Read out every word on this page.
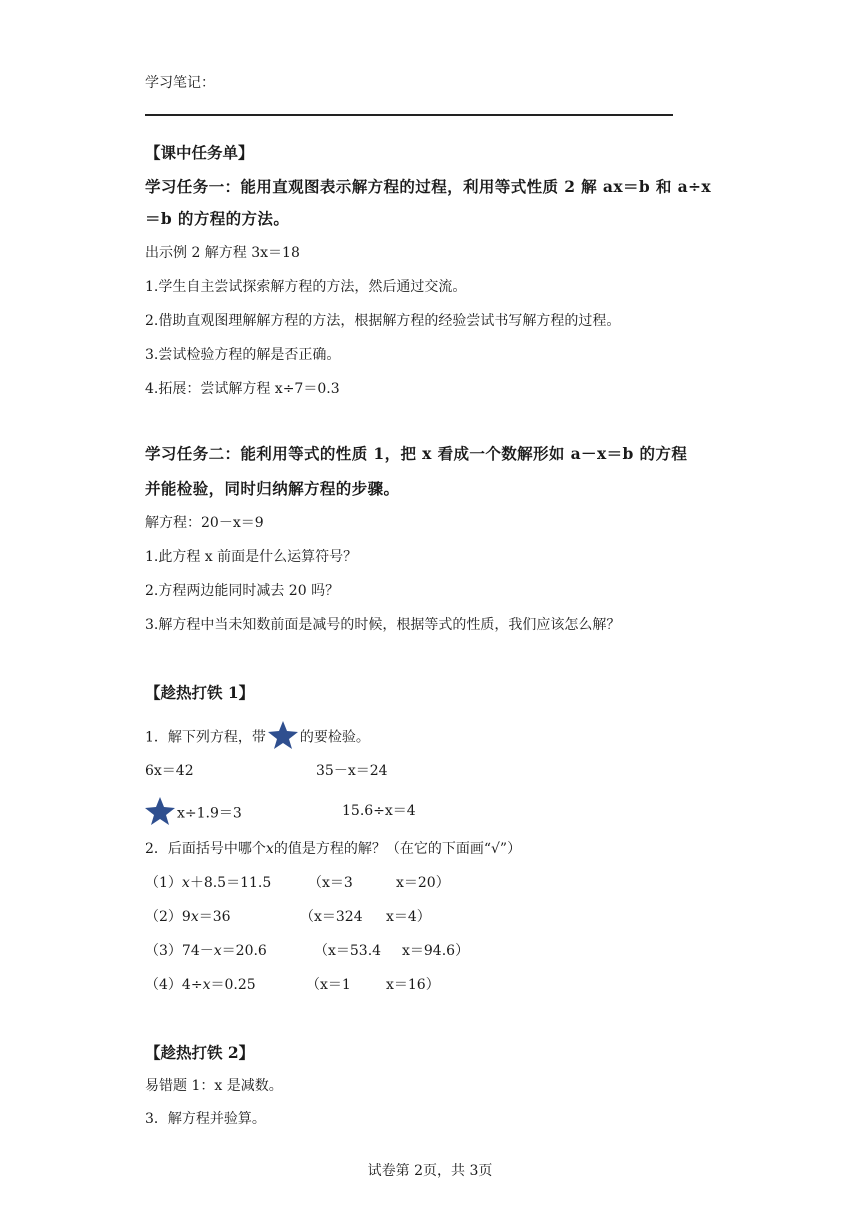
学习笔记：
【课中任务单】
学习任务一：能用直观图表示解方程的过程，利用等式性质 2 解 ax＝b 和 a÷x
＝b 的方程的方法。
出示例 2 解方程 3x＝18
1.学生自主尝试探索解方程的方法，然后通过交流。
2.借助直观图理解解方程的方法，根据解方程的经验尝试书写解方程的过程。
3.尝试检验方程的解是否正确。
4.拓展：尝试解方程 x÷7＝0.3
学习任务二：能利用等式的性质 1，把 x 看成一个数解形如 a－x＝b 的方程
并能检验，同时归纳解方程的步骤。
解方程：20－x＝9
1.此方程 x 前面是什么运算符号？
2.方程两边能同时减去 20 吗？
3.解方程中当未知数前面是减号的时候，根据等式的性质，我们应该怎么解？
【趁热打铁 1】
1．解下列方程，带 的要检验。
6x＝42	35－x＝24
x÷1.9＝3	15.6÷x＝4
2．后面括号中哪个x的值是方程的解？（在它的下面画“√”）
（1）x＋8.5＝11.5	（x＝3	x＝20）
（2）9x＝36	（x＝324 x＝4）
（3）74－x＝20.6	（x＝53.4 x＝94.6）
（4）4÷x＝0.25	（x＝1	x＝16）
【趁热打铁 2】
易错题 1：x 是减数。
3．解方程并验算。
试卷第 2页，共 3页
